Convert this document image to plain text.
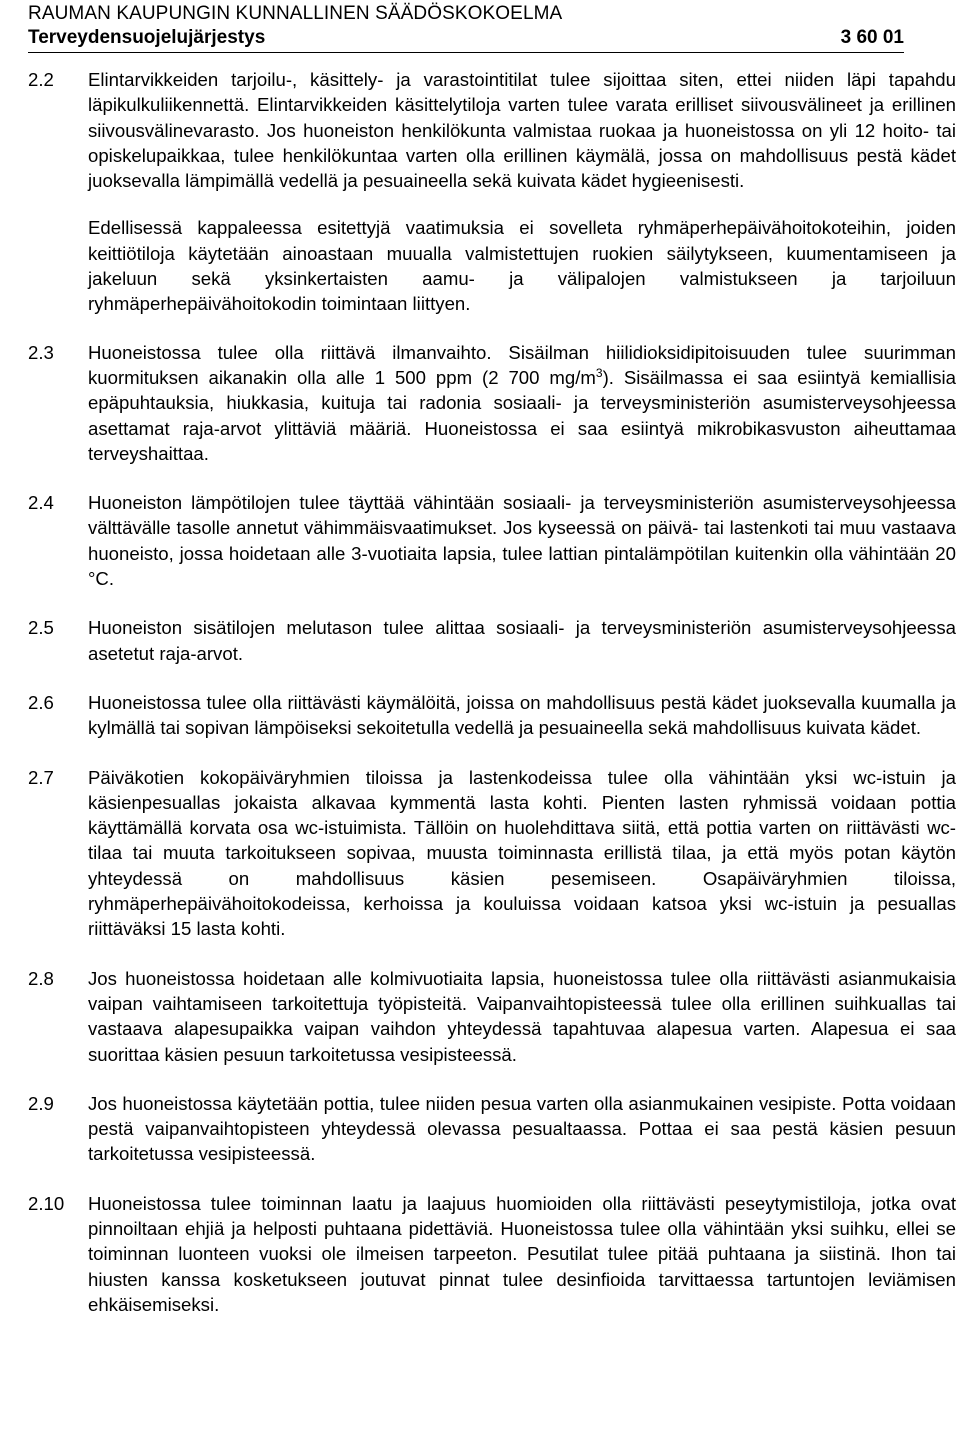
RAUMAN KAUPUNGIN KUNNALLINEN SÄÄDÖSKOKOELMA
Terveydensuojelujärjestys	3 60 01
2.2	Elintarvikkeiden tarjoilu-, käsittely- ja varastointitilat tulee sijoittaa siten, ettei niiden läpi tapahdu läpikulkuliikennettä. Elintarvikkeiden käsittelytiloja varten tulee varata erilliset siivousvälineet ja erillinen siivousvälinevarasto. Jos huoneiston henkilökunta valmistaa ruokaa ja huoneistossa on yli 12 hoito- tai opiskelupaikkaa, tulee henkilökuntaa varten olla erillinen käymälä, jossa on mahdollisuus pestä kädet juoksevalla lämpimällä vedellä ja pesuaineella sekä kuivata kädet hygieenisesti.
Edellisessä kappaleessa esitettyjä vaatimuksia ei sovelleta ryhmäperhepäivähoitokoteihin, joiden keittiötiloja käytetään ainoastaan muualla valmistettujen ruokien säilytykseen, kuumentamiseen ja jakeluun sekä yksinkertaisten aamu- ja välipalojen valmistukseen ja tarjoiluun ryhmäperhepäivähoitokodin toimintaan liittyen.
2.3	Huoneistossa tulee olla riittävä ilmanvaihto. Sisäilman hiilidioksidipitoisuuden tulee suurimman kuormituksen aikanakin olla alle 1 500 ppm (2 700 $mg/m^3$). Sisäilmassa ei saa esiintyä kemiallisia epäpuhtauksia, hiukkasia, kuituja tai radonia sosiaali- ja terveysministeriön asumisterveysohjeessa asettamat raja-arvot ylittäviä määriä. Huoneistossa ei saa esiintyä mikrobikasvuston aiheuttamaa terveyshaittaa.
2.4	Huoneiston lämpötilojen tulee täyttää vähintään sosiaali- ja terveysministeriön asumisterveysohjeessa välttävälle tasolle annetut vähimmäisvaatimukset. Jos kyseessä on päivä- tai lastenkoti tai muu vastaava huoneisto, jossa hoidetaan alle 3-vuotiaita lapsia, tulee lattian pintalämpötilan kuitenkin olla vähintään 20 °C.
2.5	Huoneiston sisätilojen melutason tulee alittaa sosiaali- ja terveysministeriön asumisterveysohjeessa asetetut raja-arvot.
2.6	Huoneistossa tulee olla riittävästi käymälöitä, joissa on mahdollisuus pestä kädet juoksevalla kuumalla ja kylmällä tai sopivan lämpöiseksi sekoitetulla vedellä ja pesuaineella sekä mahdollisuus kuivata kädet.
2.7	Päiväkotien kokopäiväryhmien tiloissa ja lastenkodeissa tulee olla vähintään yksi wc-istuin ja käsienpesuallas jokaista alkavaa kymmentä lasta kohti. Pienten lasten ryhmissä voidaan pottia käyttämällä korvata osa wc-istuimista. Tällöin on huolehdittava siitä, että pottia varten on riittävästi wc-tilaa tai muuta tarkoitukseen sopivaa, muusta toiminnasta erillistä tilaa, ja että myös potan käytön yhteydessä on mahdollisuus käsien pesemiseen. Osapäiväryhmien tiloissa, ryhmäperhepäivähoitokodeissa, kerhoissa ja kouluissa voidaan katsoa yksi wc-istuin ja pesuallas riittäväksi 15 lasta kohti.
2.8	Jos huoneistossa hoidetaan alle kolmivuotiaita lapsia, huoneistossa tulee olla riittävästi asianmukaisia vaipan vaihtamiseen tarkoitettuja työpisteitä. Vaipanvaihtopisteessä tulee olla erillinen suihkuallas tai vastaava alapesupaikka vaipan vaihdon yhteydessä tapahtuvaa alapesua varten. Alapesua ei saa suorittaa käsien pesuun tarkoitetussa vesipisteessä.
2.9	Jos huoneistossa käytetään pottia, tulee niiden pesua varten olla asianmukainen vesipiste. Potta voidaan pestä vaipanvaihtopisteen yhteydessä olevassa pesualtaassa. Pottaa ei saa pestä käsien pesuun tarkoitetussa vesipisteessä.
2.10	Huoneistossa tulee toiminnan laatu ja laajuus huomioiden olla riittävästi peseytymistiloja, jotka ovat pinnoiltaan ehjiä ja helposti puhtaana pidettäviä. Huoneistossa tulee olla vähintään yksi suihku, ellei se toiminnan luonteen vuoksi ole ilmeisen tarpeeton. Pesutilat tulee pitää puhtaana ja siistinä. Ihon tai hiusten kanssa kosketukseen joutuvat pinnat tulee desinfioida tarvittaessa tartuntojen leviämisen ehkäisemiseksi.
